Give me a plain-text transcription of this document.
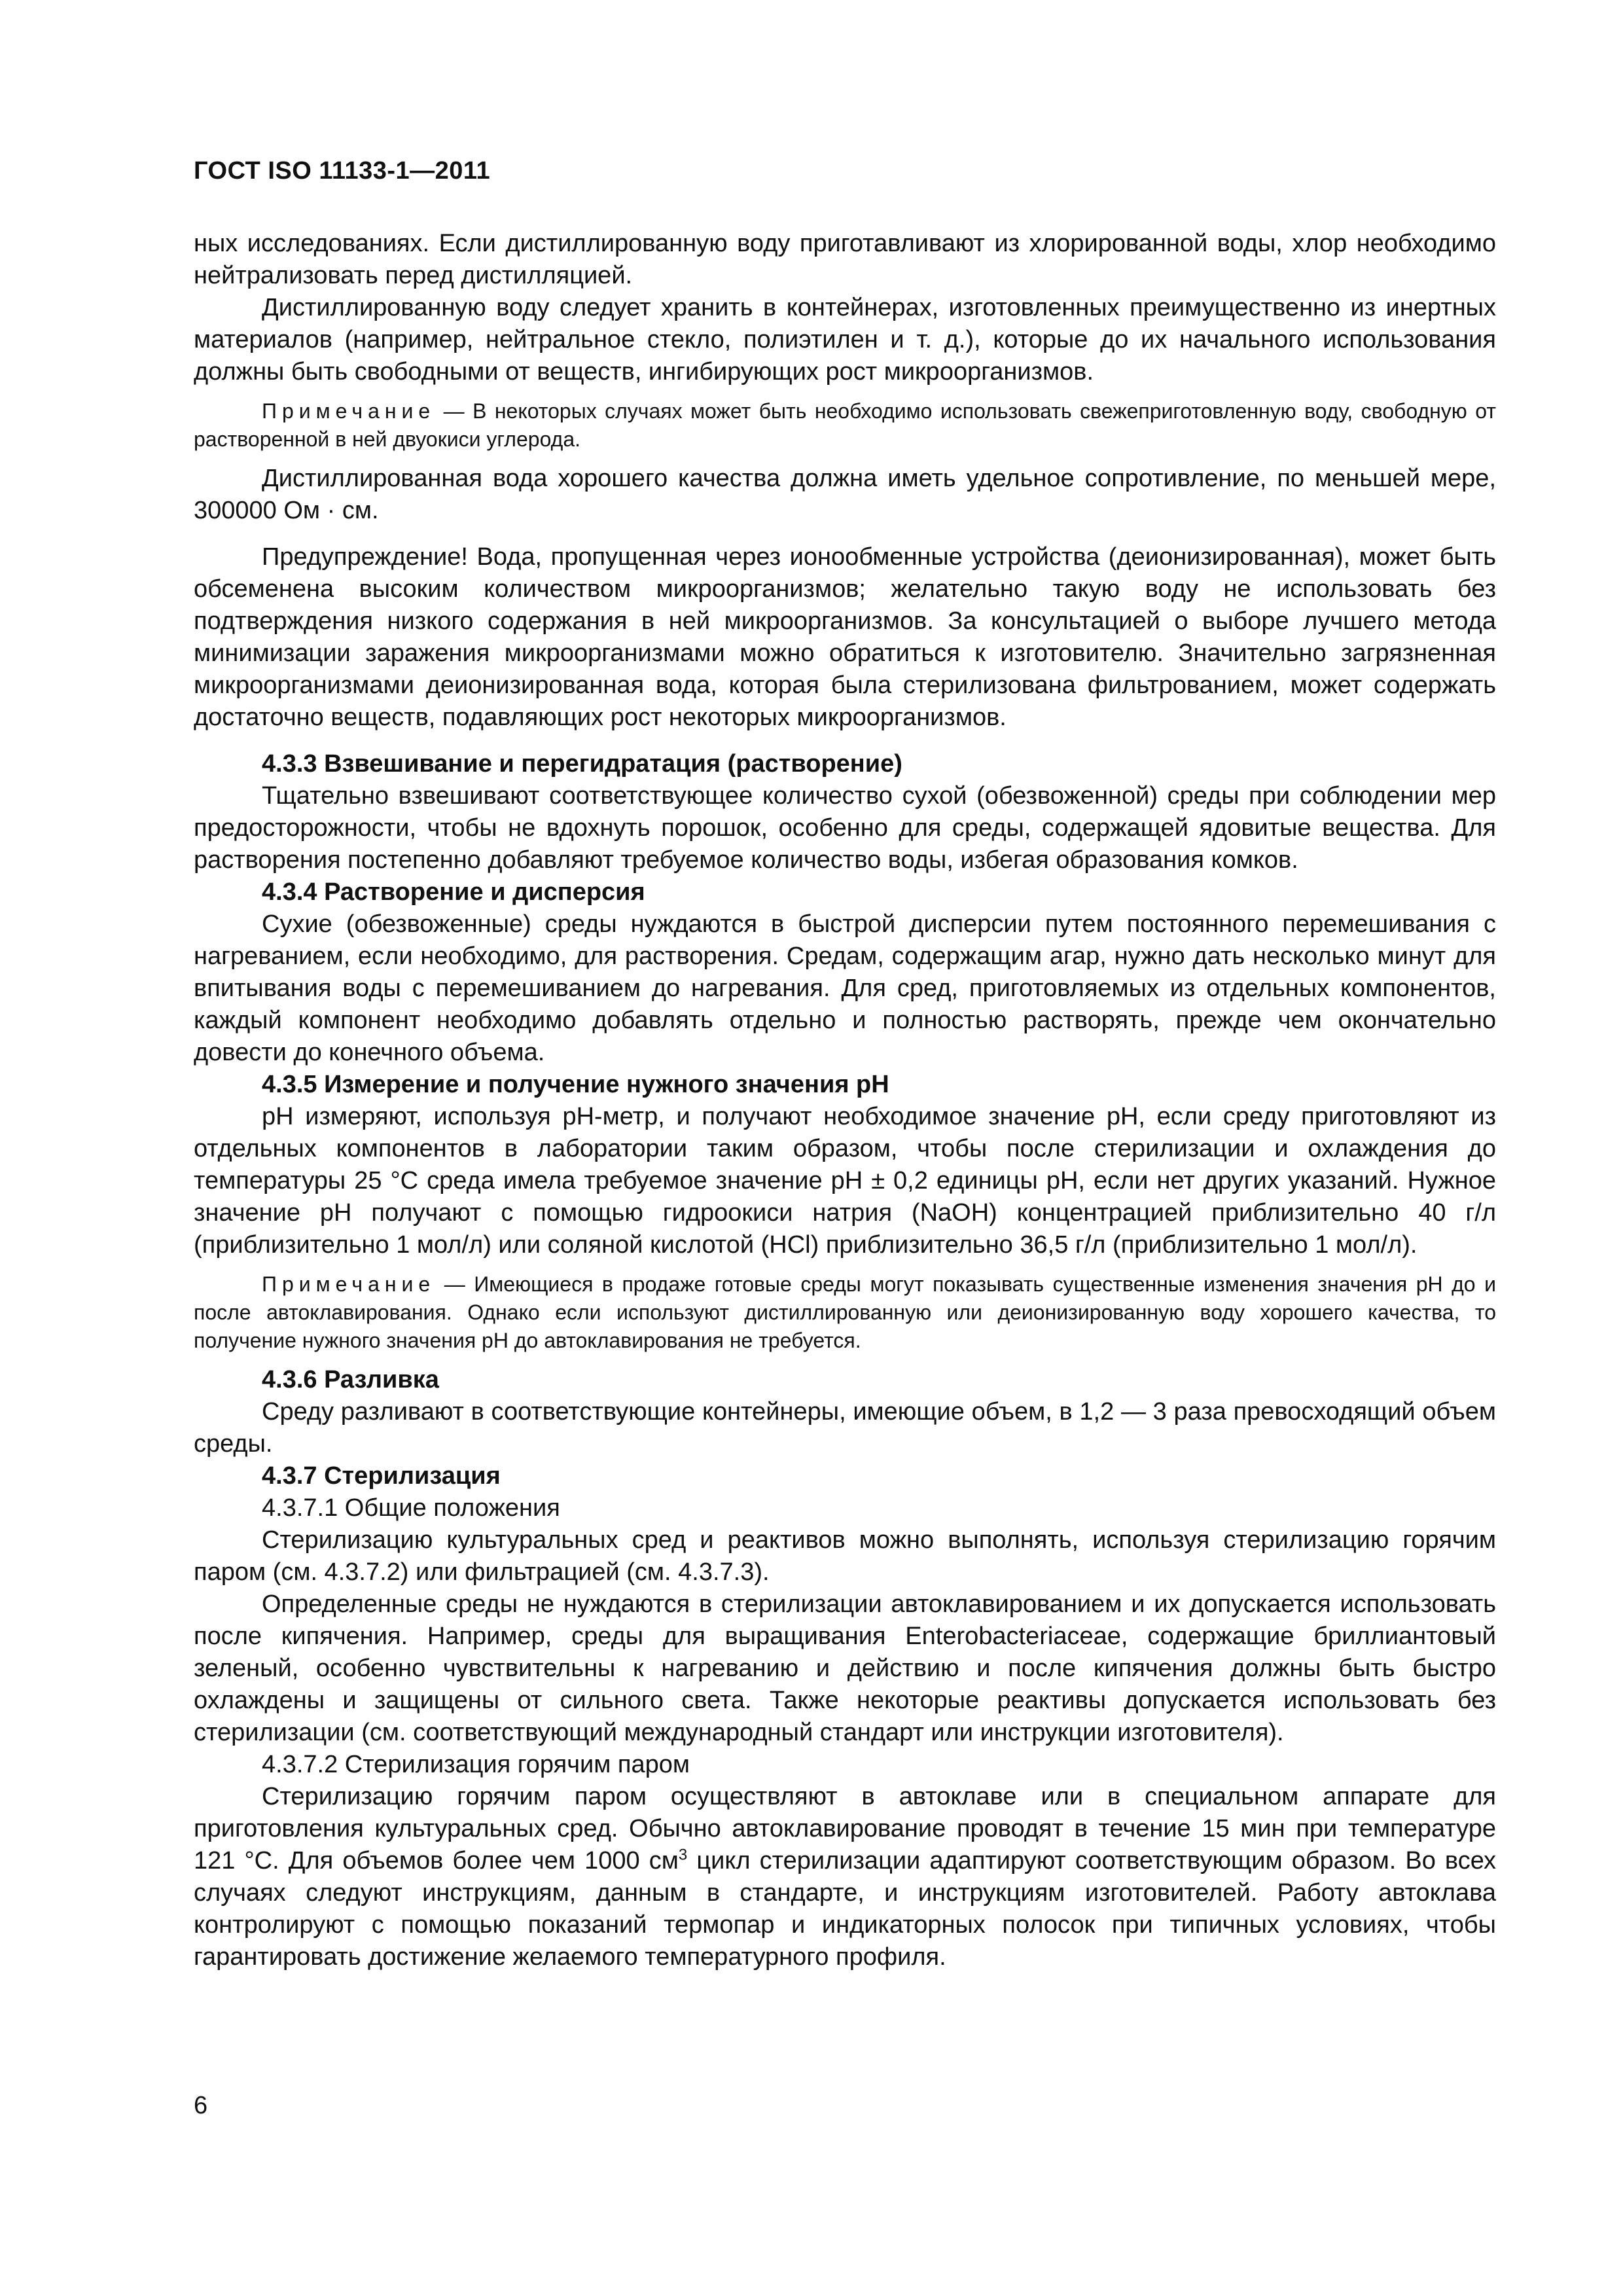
ГОСТ ISO 11133-1—2011

ных исследованиях. Если дистиллированную воду приготавливают из хлорированной воды, хлор необходимо нейтрализовать перед дистилляцией.

Дистиллированную воду следует хранить в контейнерах, изготовленных преимущественно из инертных материалов (например, нейтральное стекло, полиэтилен и т. д.), которые до их начального использования должны быть свободными от веществ, ингибирующих рост микроорганизмов.

Примечание — В некоторых случаях может быть необходимо использовать свежеприготовленную воду, свободную от растворенной в ней двуокиси углерода.

Дистиллированная вода хорошего качества должна иметь удельное сопротивление, по меньшей мере, 300000 Ом · см.

Предупреждение! Вода, пропущенная через ионообменные устройства (деионизированная), может быть обсеменена высоким количеством микроорганизмов; желательно такую воду не использовать без подтверждения низкого содержания в ней микроорганизмов. За консультацией о выборе лучшего метода минимизации заражения микроорганизмами можно обратиться к изготовителю. Значительно загрязненная микроорганизмами деионизированная вода, которая была стерилизована фильтрованием, может содержать достаточно веществ, подавляющих рост некоторых микроорганизмов.

4.3.3 Взвешивание и перегидратация (растворение)

Тщательно взвешивают соответствующее количество сухой (обезвоженной) среды при соблюдении мер предосторожности, чтобы не вдохнуть порошок, особенно для среды, содержащей ядовитые вещества. Для растворения постепенно добавляют требуемое количество воды, избегая образования комков.

4.3.4 Растворение и дисперсия

Сухие (обезвоженные) среды нуждаются в быстрой дисперсии путем постоянного перемешивания с нагреванием, если необходимо, для растворения. Средам, содержащим агар, нужно дать несколько минут для впитывания воды с перемешиванием до нагревания. Для сред, приготовляемых из отдельных компонентов, каждый компонент необходимо добавлять отдельно и полностью растворять, прежде чем окончательно довести до конечного объема.

4.3.5 Измерение и получение нужного значения pH

pH измеряют, используя pH-метр, и получают необходимое значение pH, если среду приготовляют из отдельных компонентов в лаборатории таким образом, чтобы после стерилизации и охлаждения до температуры 25 °C среда имела требуемое значение pH ± 0,2 единицы pH, если нет других указаний. Нужное значение pH получают с помощью гидроокиси натрия (NaOH) концентрацией приблизительно 40 г/л (приблизительно 1 мол/л) или соляной кислотой (HCl) приблизительно 36,5 г/л (приблизительно 1 мол/л).

Примечание — Имеющиеся в продаже готовые среды могут показывать существенные изменения значения pH до и после автоклавирования. Однако если используют дистиллированную или деионизированную воду хорошего качества, то получение нужного значения pH до автоклавирования не требуется.

4.3.6 Разливка

Среду разливают в соответствующие контейнеры, имеющие объем, в 1,2 — 3 раза превосходящий объем среды.

4.3.7 Стерилизация

4.3.7.1 Общие положения

Стерилизацию культуральных сред и реактивов можно выполнять, используя стерилизацию горячим паром (см. 4.3.7.2) или фильтрацией (см. 4.3.7.3).

Определенные среды не нуждаются в стерилизации автоклавированием и их допускается использовать после кипячения. Например, среды для выращивания Enterobacteriaceae, содержащие бриллиантовый зеленый, особенно чувствительны к нагреванию и действию и после кипячения должны быть быстро охлаждены и защищены от сильного света. Также некоторые реактивы допускается использовать без стерилизации (см. соответствующий международный стандарт или инструкции изготовителя).

4.3.7.2 Стерилизация горячим паром

Стерилизацию горячим паром осуществляют в автоклаве или в специальном аппарате для приготовления культуральных сред. Обычно автоклавирование проводят в течение 15 мин при температуре 121 °C. Для объемов более чем 1000 $см^3$ цикл стерилизации адаптируют соответствующим образом. Во всех случаях следуют инструкциям, данным в стандарте, и инструкциям изготовителей. Работу автоклава контролируют с помощью показаний термопар и индикаторных полосок при типичных условиях, чтобы гарантировать достижение желаемого температурного профиля.

6
